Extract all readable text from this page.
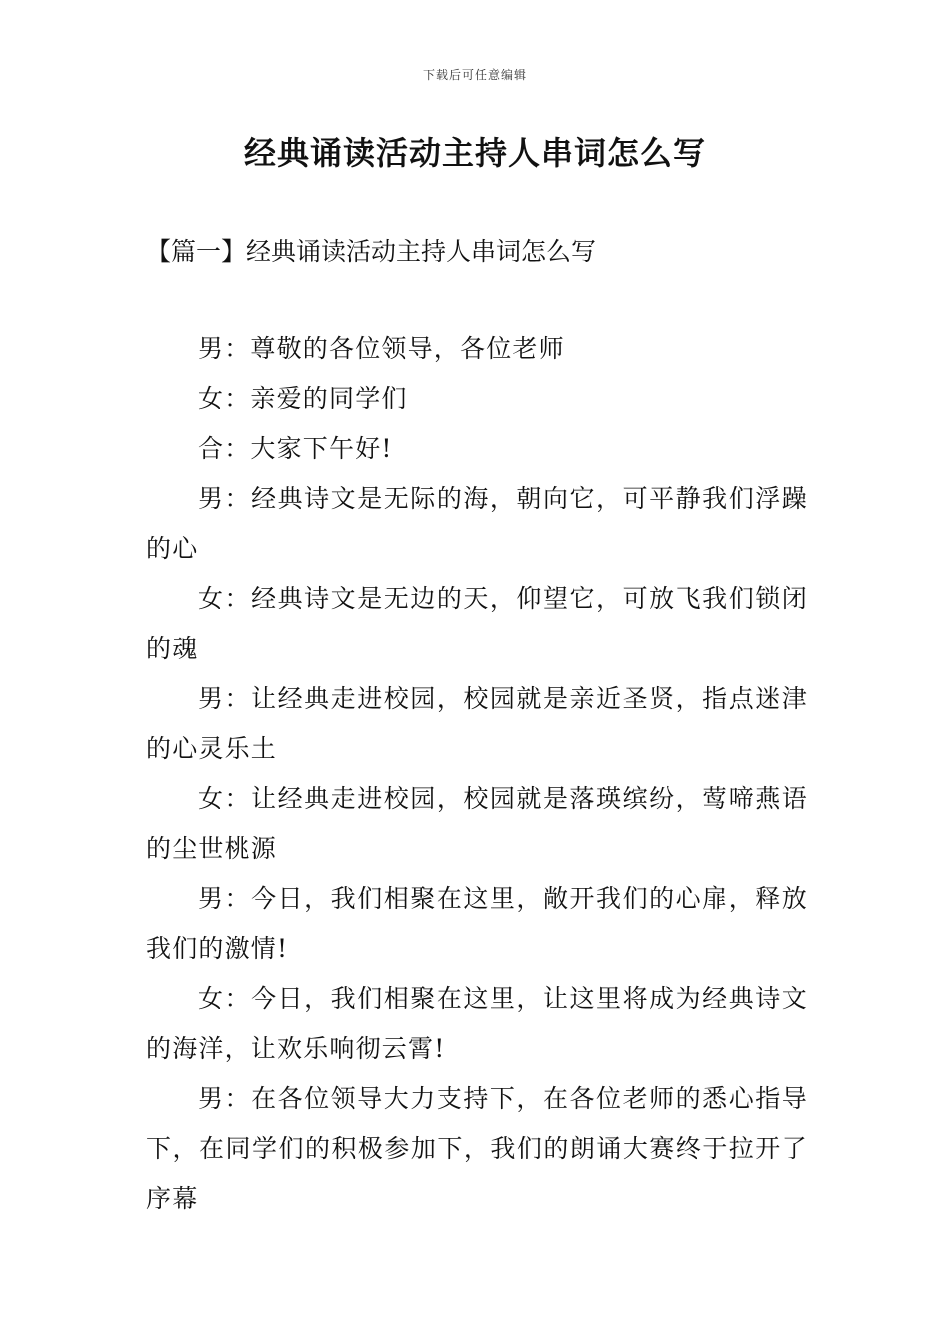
下载后可任意编辑
经典诵读活动主持人串词怎么写
【篇一】经典诵读活动主持人串词怎么写

男：尊敬的各位领导，各位老师

女：亲爱的同学们

合：大家下午好!

男：经典诗文是无际的海，朝向它，可平静我们浮躁的心

女：经典诗文是无边的天，仰望它，可放飞我们锁闭的魂

男：让经典走进校园，校园就是亲近圣贤，指点迷津的心灵乐土

女：让经典走进校园，校园就是落瑛缤纷，莺啼燕语的尘世桃源

男：今日，我们相聚在这里，敞开我们的心扉，释放我们的激情!

女：今日，我们相聚在这里，让这里将成为经典诗文的海洋，让欢乐响彻云霄!

男：在各位领导大力支持下，在各位老师的悉心指导下，在同学们的积极参加下，我们的朗诵大赛终于拉开了序幕
